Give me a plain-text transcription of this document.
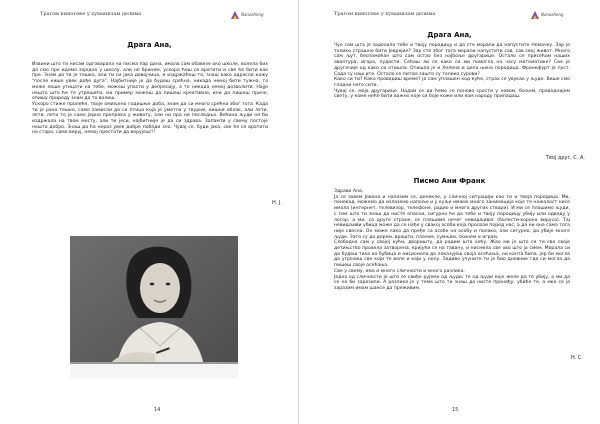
Трагом кинотеке у хуманизам делима	Nanosheng
Драга Ана,

Извини што ти нисам одговарала на писма пар дана, имала сам обавезе око школе, волела бих да смо пре идемо заједно у школу, али не бринем, ускоро ћеш се вратити и све ће бити као пре. Знам да ти је тешко, али ти си јака девојчица, и издржаћеш то, знаш како одрасли кажу "после кише увек дође дуга". Најбитније је да будеш срећна, никада немој бити тужна, то може лоше утицати на тебе, можеш упасти у депресију, а то никада немој дозволити. Најје нешто што ће те утрешити, ма пример можеш да пишеш креативно, или да пишеш приче, опишу природу знам да то волиш.

Ускоро стиже пролеће, твоје омиљено годишње доба, знам да си много срећна због тога. Када ти је рано тешко, само замисли да си птица која је уметла у твурни, кишни облак, али лети, лети, лети то је само једна препрека у животу, али ни пра ни последња. Већина људи не би издржала на твом месту, али ти јеси, најбитније је да си здрава. Запамти у свему постоје нешто добро. Знаш да ћа нераз увек добре победи зло. Чувај се, буди јака, све ће се вратити на старо, само веруј, немој престати да верујеш!!!

Н. Ј.
14
Трагом кинотеке у хуманизам делима	Nanosheng
Драга Ана,

Чуо сам шта је задесило тебе и твоју породицу и да сте морали да напустите Немачку. Зар је толико страшно бити Јеврејин? Зар сте због тога морали напустити сав, сав свој живот. Много сам љут, беспомоћан што сам остао без најбоље другарице. Остало се присећам наших авантура, игара, лудости. Сећаш ли се како си ми помогла на часу математике? Све је другачије од како си отишла. Отишла је и Хелена и цела њена породица. Франкфурт је пуст. Сада су наш ите. Остало се питам зашто су толико сурови?

Како си ти? Како проводиш време? Ја сам уплашен код куће, страх се увукао у људе. Више смо гладни него сити.

Чувај се, моја другарице. Надам се да ћемо се поново срести у новом, бољем, праведнијем свету, у коме неће бити важно које си боје коже или ком народу припадаш.

Твој друг, С. А.
Писмо Ани Франк

Здраво Ана,

Ја се зовем Јована и налазим се, донекле, у сличној ситуацији као ти и твоја породица. Ми, понекад, можемо да излаземо напоље и у куљи имамо много занимација које те нажалост нисе имала (интернет, телевизор, телефоне, радио и много других ствари). И ми се плашимо људи, с тим што ти знаш да нисте опасни, сигурно ће да тебе и твоју породицу убију или одведу у логор, а ми, са друге стране, се плашимо нечег невидљивог (болести-корона вируса). Тај невидљиви убица може да се нађе у свакој особи која пролази поред нас, а да ни она сама тога није свесна. Он може лако да пређе са особе на особу и полако, али сигурно, да убије многе људе. Зато су да дерем, врашти, плачем, сумњам, скинем и играм.

Слободна сам у својој кући, дворишту, да радим шта хоћу. Жао ми је што си ти све своје детињство провела затворена, кријући се на тавану, и нисмела све ово што ја смем. Морала си да будеш тиха ко бубица и нисисмела да показујеш своја осећања, ни канта била, јер би могла да угрозиш све који те воле и који у нолу. Задиво учуните ти је био дневник где си могла да пишеш своје осећања.

Све у свему, има и много сличности и много разлика.

Једна од сличности је што се свиђе рујемо од људи, те од људи које желе да те убију, а ми да се не би заразили. А разлика је у томе што ти знаш да нисте пронађу, убиће те, а мко се ја заразим имам шансе да преживим.

Н. С.
15
